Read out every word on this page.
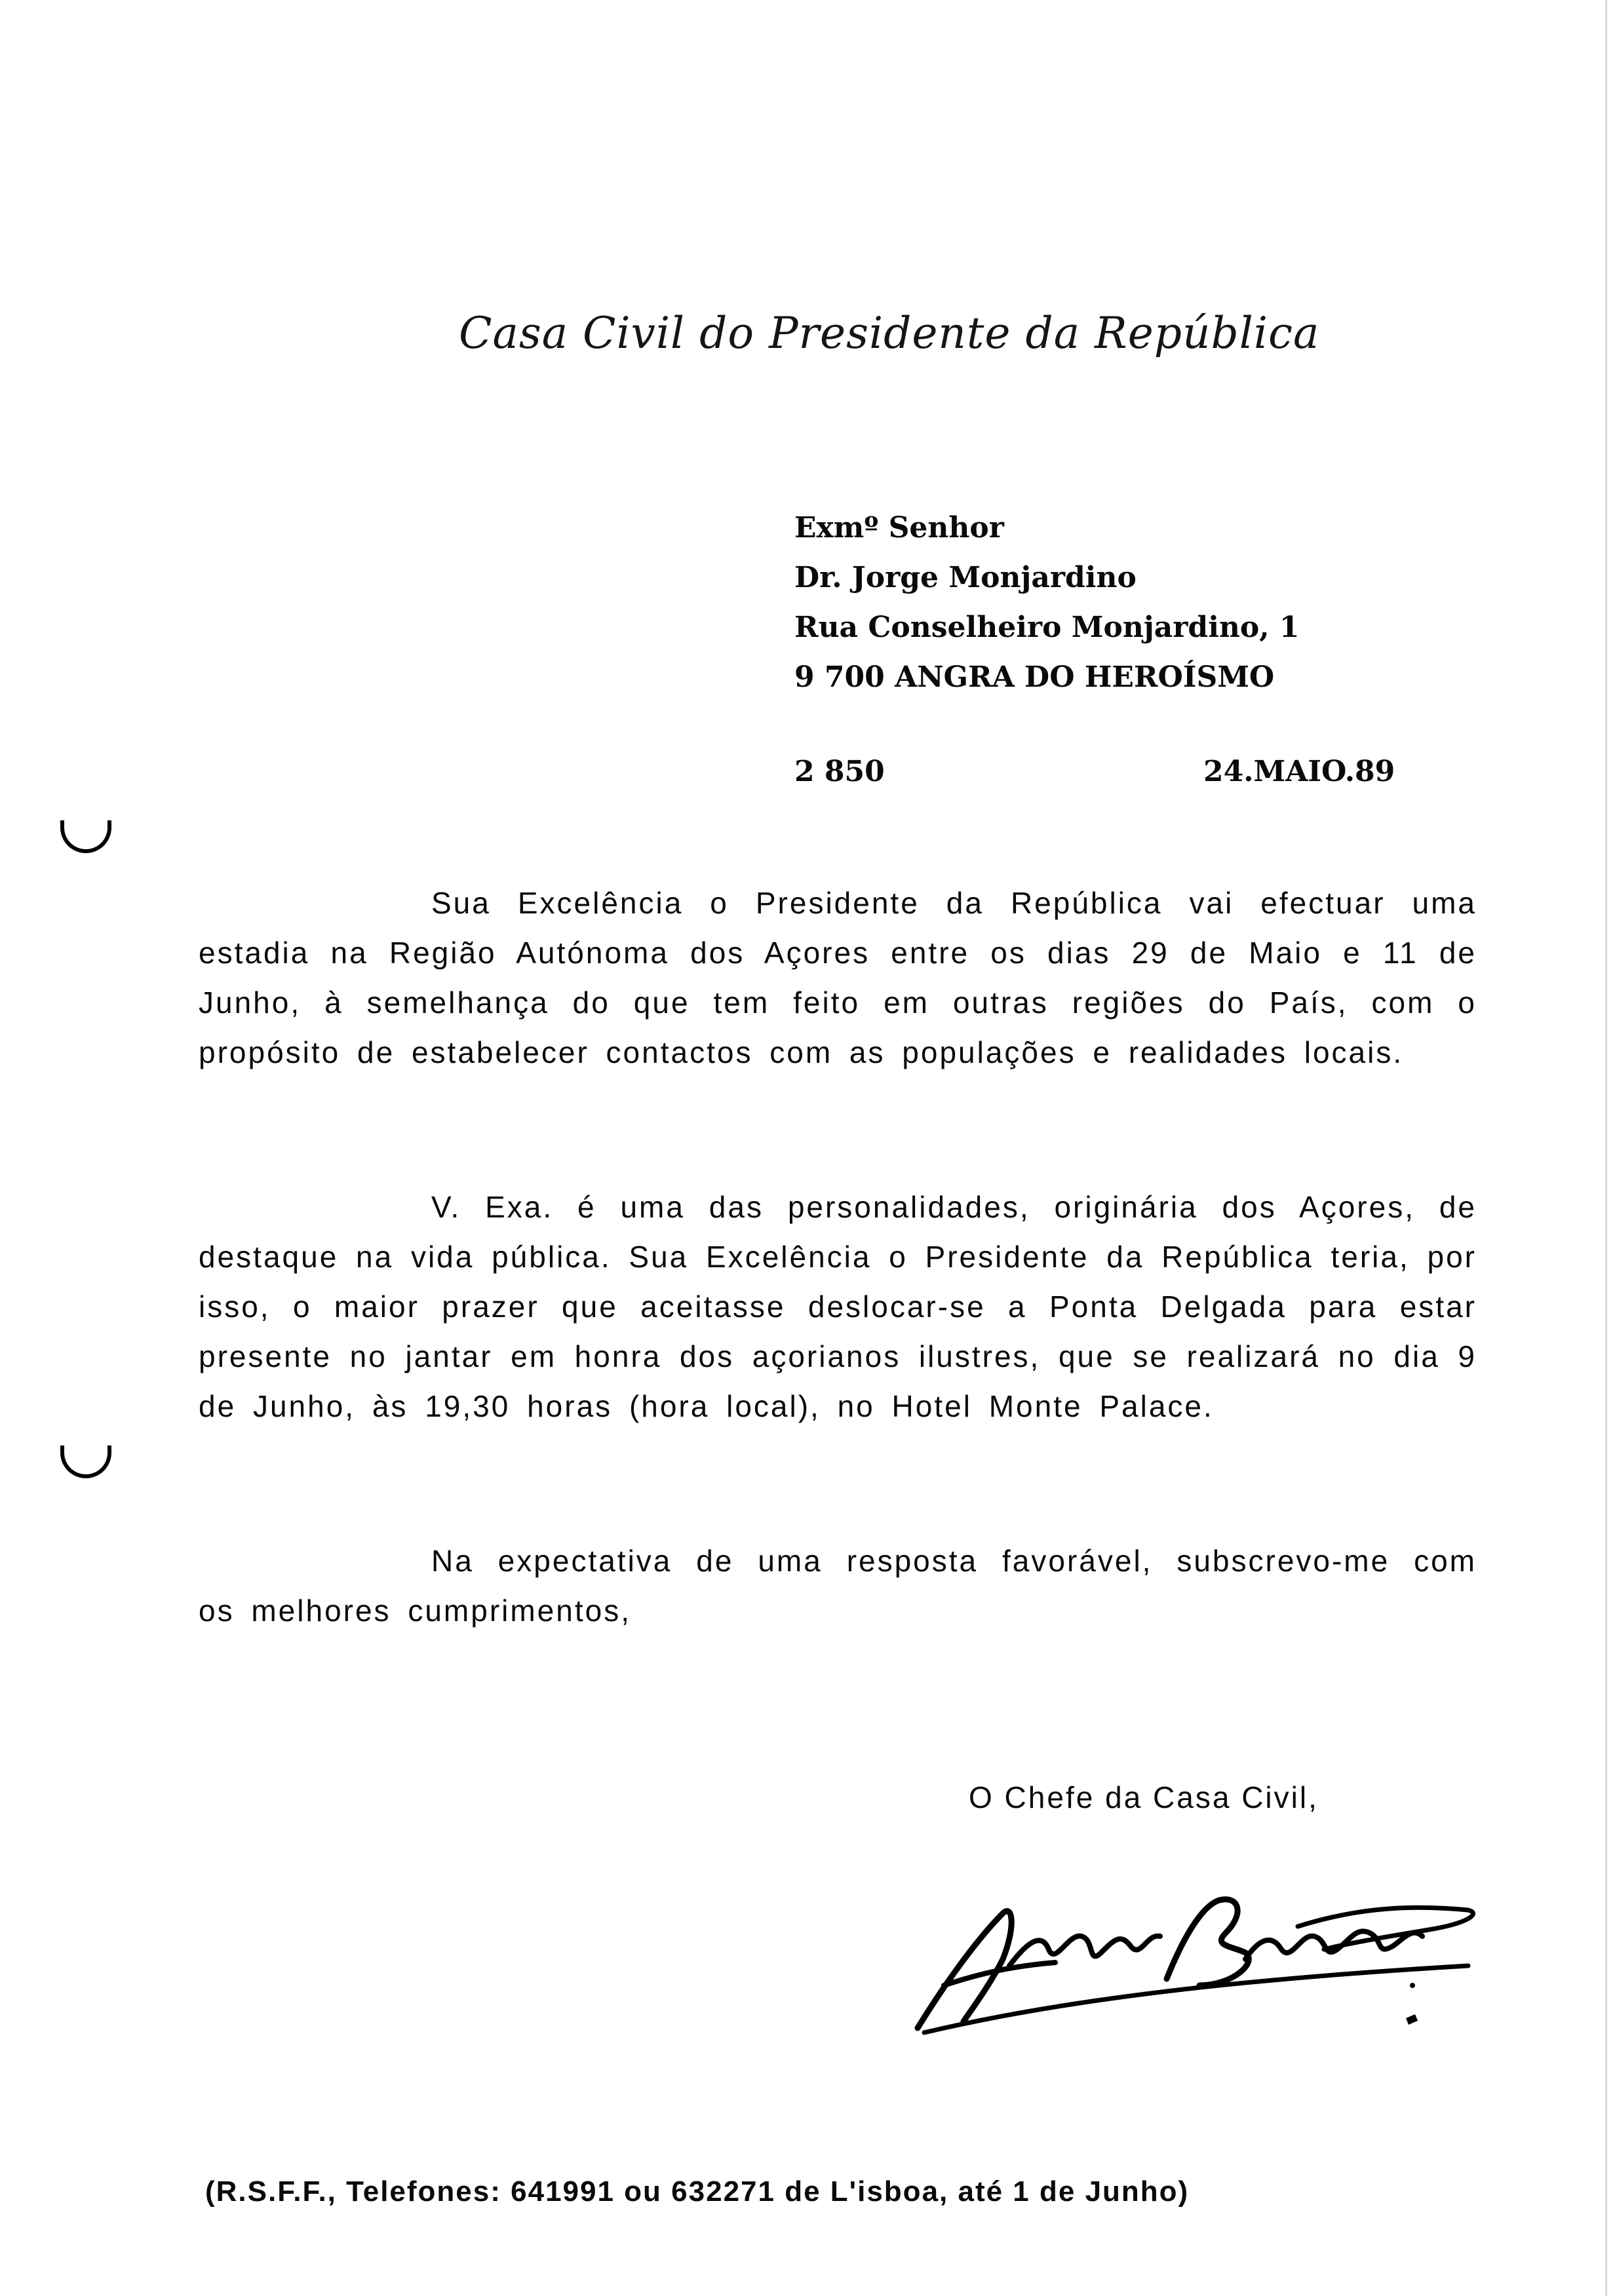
Casa Civil do Presidente da República
Exmº Senhor
Dr. Jorge Monjardino
Rua Conselheiro Monjardino, 1
9 700 ANGRA DO HEROÍSMO
2 850	24.MAIO.89

Sua Excelência o Presidente da República vai efectuar uma estadia na Região Autónoma dos Açores entre os dias 29 de Maio e 11 de Junho, à semelhança do que tem feito em outras regiões do País, com o propósito de estabelecer contactos com as populações e realidades locais.

V. Exa. é uma das personalidades, originária dos Açores, de destaque na vida pública. Sua Excelência o Presidente da República teria, por isso, o maior prazer que aceitasse deslocar-se a Ponta Delgada para estar presente no jantar em honra dos açorianos ilustres, que se realizará no dia 9 de Junho, às 19,30 horas (hora local), no Hotel Monte Palace.

Na expectativa de uma resposta favorável, subscrevo-me com os melhores cumprimentos,

O Chefe da Casa Civil,
(R.S.F.F., Telefones: 641991 ou 632271 de L'isboa, até 1 de Junho)
